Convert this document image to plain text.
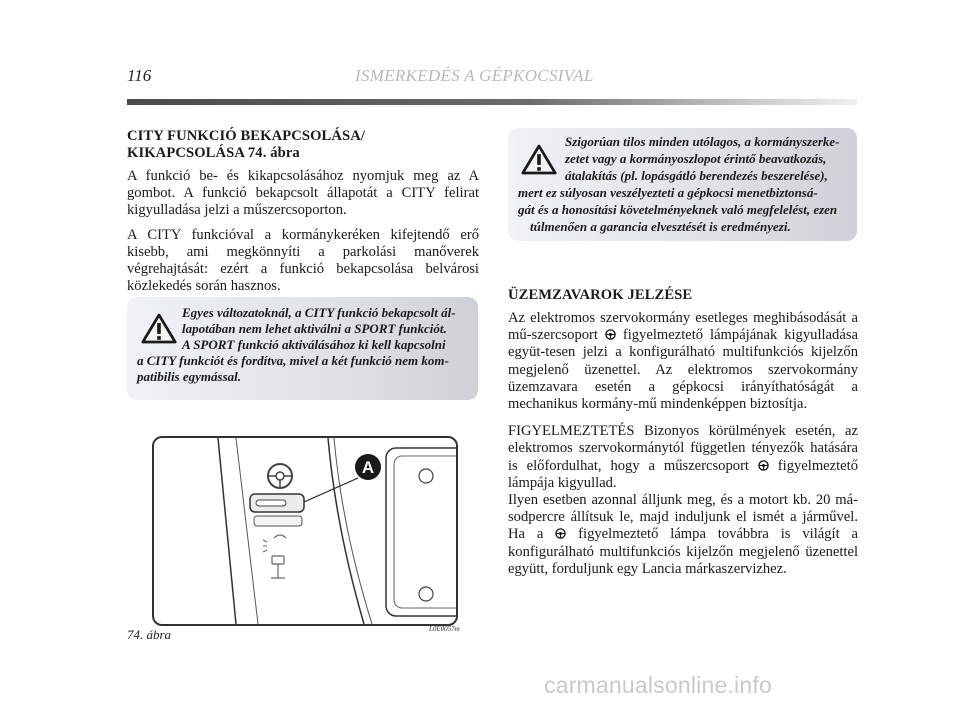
116	ISMERKEDÉS A GÉPKOCSIVAL
CITY FUNKCIÓ BEKAPCSOLÁSA/
KIKAPCSOLÁSA 74. ábra

A funkció be- és kikapcsolásához nyomjuk meg az A gombot. A funkció bekapcsolt állapotát a CITY felirat kigyulladása jelzi a műszercsoporton.

A CITY funkcióval a kormánykeréken kifejtendő erő kisebb, ami megkönnyíti a parkolási manőverek végrehajtását: ezért a funkció bekapcsolása belvárosi közlekedés során hasznos.

Egyes változatoknál, a CITY funkció bekapcsolt ál-
lapotában nem lehet aktiválni a SPORT funkciót.
A SPORT funkció aktiválásához ki kell kapcsolni
a CITY funkciót és fordítva, mivel a két funkció nem kom-
patibilis egymással.
A
74. ábra	L0E0057m
Szigorúan tilos minden utólagos, a kormányszerke-
zetet vagy a kormányoszlopot érintő beavatkozás,
átalakítás (pl. lopásgátló berendezés beszerelése),
mert ez súlyosan veszélyezteti a gépkocsi menetbiztonsá-
gát és a honosítási követelményeknek való megfelelést, ezen
túlmenően a garancia elvesztését is eredményezi.
ÜZEMZAVAROK JELZÉSE

Az elektromos szervokormány esetleges meghibásodását a mű-szercsoport figyelmeztető lámpájának kigyulladása együt-tesen jelzi a konfigurálható multifunkciós kijelzőn megjelenő üzenettel. Az elektromos szervokormány üzemzavara esetén a gépkocsi irányíthatóságát a mechanikus kormány-mű mindenképpen biztosítja.

FIGYELMEZTETÉS Bizonyos körülmények esetén, az elektromos szervokormánytól független tényezők hatására is előfordulhat, hogy a műszercsoport figyelmeztető lámpája kigyullad.

Ilyen esetben azonnal álljunk meg, és a motort kb. 20 má-sodpercre állítsuk le, majd induljunk el ismét a járművel. Ha a figyelmeztető lámpa továbbra is világít a konfigurálható multifunkciós kijelzőn megjelenő üzenettel együtt, forduljunk egy Lancia márkaszervizhez.

carmanualsonline.info
